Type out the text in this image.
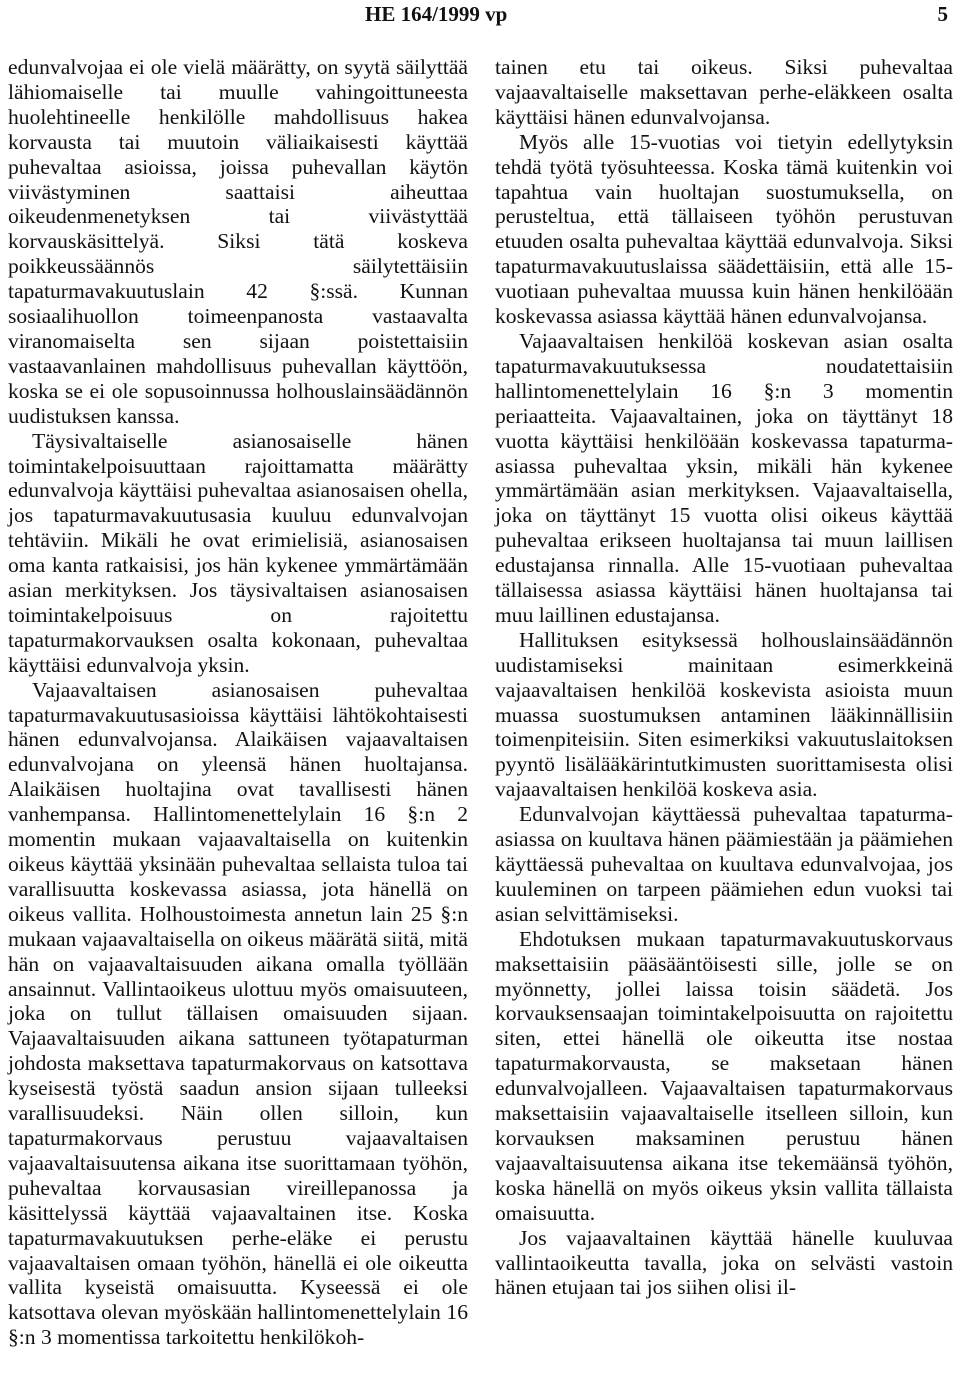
HE 164/1999 vp	5

edunvalvojaa ei ole vielä määrätty, on syytä säilyttää lähiomaiselle tai muulle vahingoittuneesta huolehtineelle henkilölle mahdollisuus hakea korvausta tai muutoin väliaikaisesti käyttää puhevaltaa asioissa, joissa puhevallan käytön viivästyminen saattaisi aiheuttaa oikeudenmenetyksen tai viivästyttää korvauskäsittelyä. Siksi tätä koskeva poikkeussäännös säilytettäisiin tapaturmavakuutuslain 42 §:ssä. Kunnan sosiaalihuollon toimeenpanosta vastaavalta viranomaiselta sen sijaan poistettaisiin vastaavanlainen mahdollisuus puhevallan käyttöön, koska se ei ole sopusoinnussa holhouslainsäädännön uudistuksen kanssa.

Täysivaltaiselle asianosaiselle hänen toimintakelpoisuuttaan rajoittamatta määrätty edunvalvoja käyttäisi puhevaltaa asianosaisen ohella, jos tapaturmavakuutusasia kuuluu edunvalvojan tehtäviin. Mikäli he ovat erimielisiä, asianosaisen oma kanta ratkaisisi, jos hän kykenee ymmärtämään asian merkityksen. Jos täysivaltaisen asianosaisen toimintakelpoisuus on rajoitettu tapaturmakorvauksen osalta kokonaan, puhevaltaa käyttäisi edunvalvoja yksin.

Vajaavaltaisen asianosaisen puhevaltaa tapaturmavakuutusasioissa käyttäisi lähtökohtaisesti hänen edunvalvojansa. Alaikäisen vajaavaltaisen edunvalvojana on yleensä hänen huoltajansa. Alaikäisen huoltajina ovat tavallisesti hänen vanhempansa. Hallintomenettelylain 16 §:n 2 momentin mukaan vajaavaltaisella on kuitenkin oikeus käyttää yksinään puhevaltaa sellaista tuloa tai varallisuutta koskevassa asiassa, jota hänellä on oikeus vallita. Holhoustoimesta annetun lain 25 §:n mukaan vajaavaltaisella on oikeus määrätä siitä, mitä hän on vajaavaltaisuuden aikana omalla työllään ansainnut. Vallintaoikeus ulottuu myös omaisuuteen, joka on tullut tällaisen omaisuuden sijaan. Vajaavaltaisuuden aikana sattuneen työtapaturman johdosta maksettava tapaturmakorvaus on katsottava kyseisestä työstä saadun ansion sijaan tulleeksi varallisuudeksi. Näin ollen silloin, kun tapaturmakorvaus perustuu vajaavaltaisen vajaavaltaisuutensa aikana itse suorittamaan työhön, puhevaltaa korvausasian vireillepanossa ja käsittelyssä käyttää vajaavaltainen itse. Koska tapaturmavakuutuksen perhe-eläke ei perustu vajaavaltaisen omaan työhön, hänellä ei ole oikeutta vallita kyseistä omaisuutta. Kyseessä ei ole katsottava olevan myöskään hallintomenettelylain 16 §:n 3 momentissa tarkoitettu henkilökoh-

tainen etu tai oikeus. Siksi puhevaltaa vajaavaltaiselle maksettavan perhe-eläkkeen osalta käyttäisi hänen edunvalvojansa.

Myös alle 15-vuotias voi tietyin edellytyksin tehdä työtä työsuhteessa. Koska tämä kuitenkin voi tapahtua vain huoltajan suostumuksella, on perusteltua, että tällaiseen työhön perustuvan etuuden osalta puhevaltaa käyttää edunvalvoja. Siksi tapaturmavakuutuslaissa säädettäisiin, että alle 15-vuotiaan puhevaltaa muussa kuin hänen henkilöään koskevassa asiassa käyttää hänen edunvalvojansa.

Vajaavaltaisen henkilöä koskevan asian osalta tapaturmavakuutuksessa noudatettaisiin hallintomenettelylain 16 §:n 3 momentin periaatteita. Vajaavaltainen, joka on täyttänyt 18 vuotta käyttäisi henkilöään koskevassa tapaturma-asiassa puhevaltaa yksin, mikäli hän kykenee ymmärtämään asian merkityksen. Vajaavaltaisella, joka on täyttänyt 15 vuotta olisi oikeus käyttää puhevaltaa erikseen huoltajansa tai muun laillisen edustajansa rinnalla. Alle 15-vuotiaan puhevaltaa tällaisessa asiassa käyttäisi hänen huoltajansa tai muu laillinen edustajansa.

Hallituksen esityksessä holhouslainsäädännön uudistamiseksi mainitaan esimerkkeinä vajaavaltaisen henkilöä koskevista asioista muun muassa suostumuksen antaminen lääkinnällisiin toimenpiteisiin. Siten esimerkiksi vakuutuslaitoksen pyyntö lisälääkärintutkimusten suorittamisesta olisi vajaavaltaisen henkilöä koskeva asia.

Edunvalvojan käyttäessä puhevaltaa tapaturma-asiassa on kuultava hänen päämiestään ja päämiehen käyttäessä puhevaltaa on kuultava edunvalvojaa, jos kuuleminen on tarpeen päämiehen edun vuoksi tai asian selvittämiseksi.

Ehdotuksen mukaan tapaturmavakuutuskorvaus maksettaisiin pääsääntöisesti sille, jolle se on myönnetty, jollei laissa toisin säädetä. Jos korvauksensaajan toimintakelpoisuutta on rajoitettu siten, ettei hänellä ole oikeutta itse nostaa tapaturmakorvausta, se maksetaan hänen edunvalvojalleen. Vajaavaltaisen tapaturmakorvaus maksettaisiin vajaavaltaiselle itselleen silloin, kun korvauksen maksaminen perustuu hänen vajaavaltaisuutensa aikana itse tekemäänsä työhön, koska hänellä on myös oikeus yksin vallita tällaista omaisuutta.

Jos vajaavaltainen käyttää hänelle kuuluvaa vallintaoikeutta tavalla, joka on selvästi vastoin hänen etujaan tai jos siihen olisi il-
